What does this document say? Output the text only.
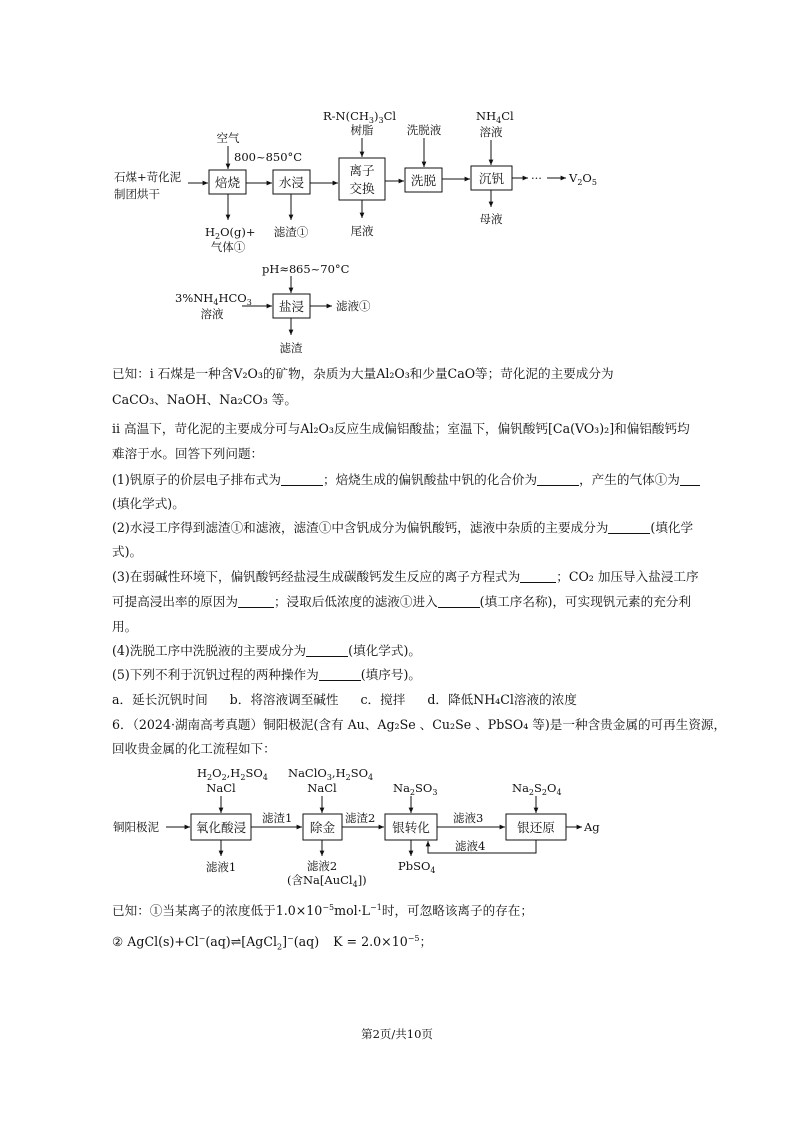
焙烧	水浸
离子
交换
洗脱	沉钒
盐浸
石煤+苛化泥
制团烘干
空气
800~850°C
$R-N(CH_3)_3Cl$
树脂	洗脱液
$NH_4Cl$
溶液
$3\%NH_4HCO_3$
溶液
pH≈8 65~70°C
$H_2O(g)+$
气体①
滤渣①	尾液
母液
··· $V_2O_5$
滤液①
滤渣
氧化酸浸	除金	银转化	银还原
铜阳极泥
滤渣1	滤渣2	滤液3
滤液4
Ag
$H_2O_2,H_2SO_4$
NaCl
$NaClO_3,H_2SO_4$
NaCl	$Na_2SO_3$	$Na_2S_2O_4$
滤液1	滤液2
(含Na[AuCl$_4$])
PbSO$_4$
已知：i 石煤是一种含V₂O₃的矿物，杂质为大量Al₂O₃和少量CaO等；苛化泥的主要成分为
CaCO₃、NaOH、Na₂CO₃ 等。
ii 高温下，苛化泥的主要成分可与Al₂O₃反应生成偏铝酸盐；室温下，偏钒酸钙[Ca(VO₃)₂]和偏铝酸钙均
难溶于水。回答下列问题：
(1)钒原子的价层电子排布式为	；焙烧生成的偏钒酸盐中钒的化合价为	，产生的气体①为
(填化学式)。
(2)水浸工序得到滤渣①和滤液，滤渣①中含钒成分为偏钒酸钙，滤液中杂质的主要成分为	(填化学
式)。
(3)在弱碱性环境下，偏钒酸钙经盐浸生成碳酸钙发生反应的离子方程式为	；CO₂ 加压导入盐浸工序
可提高浸出率的原因为	；浸取后低浓度的滤液①进入	(填工序名称)，可实现钒元素的充分利
用。
(4)洗脱工序中洗脱液的主要成分为	(填化学式)。
(5)下列不利于沉钒过程的两种操作为	(填序号)。
a．延长沉钒时间 b．将溶液调至碱性 c．搅拌 d．降低NH₄Cl溶液的浓度
6．（2024·湖南高考真题）铜阳极泥(含有 Au、Ag₂Se 、Cu₂Se 、PbSO₄ 等)是一种含贵金属的可再生资源，
回收贵金属的化工流程如下：
已知：①当某离子的浓度低于$1.0\times 10^{-5}mol\cdot L^{-1}$时，可忽略该离子的存在；
② AgCl(s)+Cl−(aq)⇌[AgCl$_2$]−(aq) $K = 2.0\times 10^{-5}$；
第2页/共10页
